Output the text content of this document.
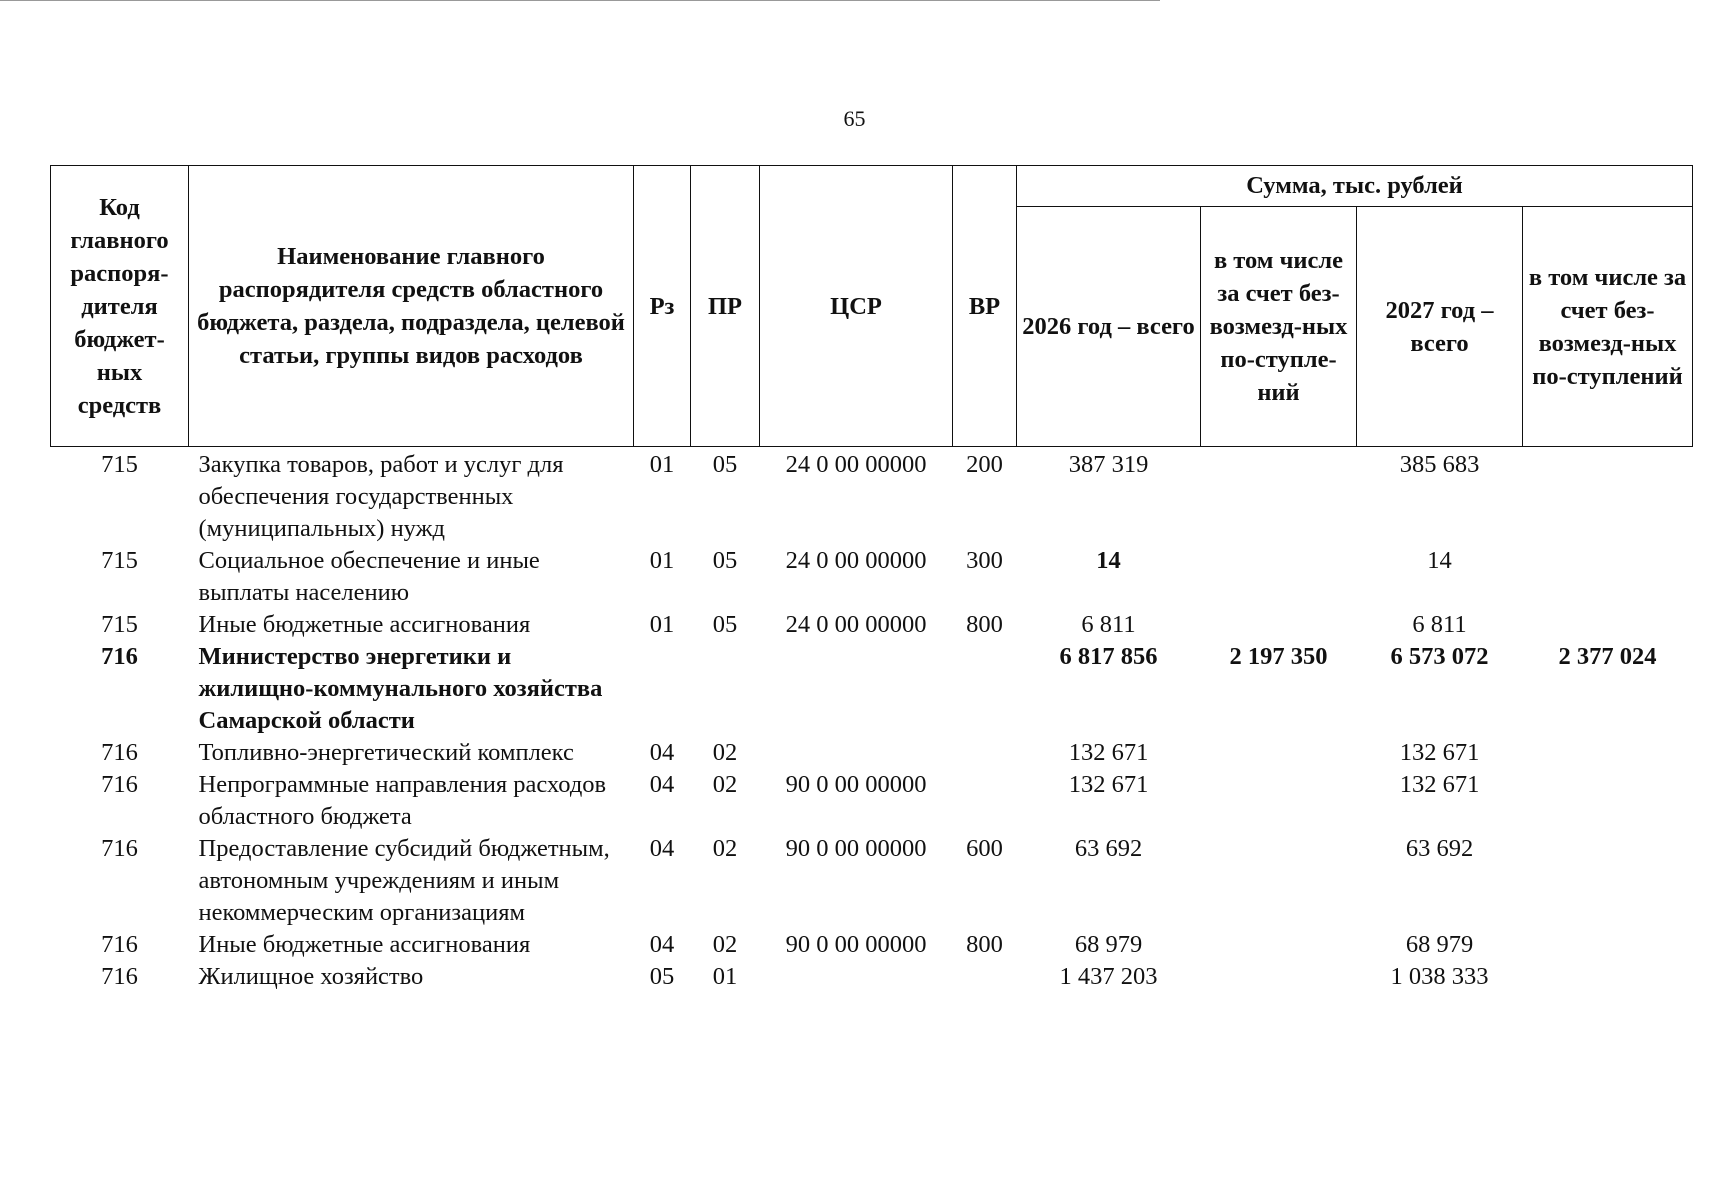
65
Код главного распоря-дителя бюджет-ных средств	Наименование главного распорядителя средств областного бюджета, раздела, подраздела, целевой статьи, группы видов расходов	Рз	ПР	ЦСР	ВР	Сумма, тыс. рублей			
						2026 год – всего	в том числе за счет без-возмезд-ных по-ступле-ний	2027 год – всего	в том числе за счет без-возмезд-ных по-ступлений
715	Закупка товаров, работ и услуг для обеспечения государственных (муниципальных) нужд	01	05	24 0 00 00000	200	387 319		385 683	
715	Социальное обеспечение и иные выплаты населению	01	05	24 0 00 00000	300	14		14	
715	Иные бюджетные ассигнования	01	05	24 0 00 00000	800	6 811		6 811	
716	Министерство энергетики и жилищно-коммунального хозяйства Самарской области					6 817 856	2 197 350	6 573 072	2 377 024
716	Топливно-энергетический комплекс	04	02			132 671		132 671	
716	Непрограммные направления расходов областного бюджета	04	02	90 0 00 00000		132 671		132 671	
716	Предоставление субсидий бюджетным, автономным учреждениям и иным некоммерческим организациям	04	02	90 0 00 00000	600	63 692		63 692	
716	Иные бюджетные ассигнования	04	02	90 0 00 00000	800	68 979		68 979	
716	Жилищное хозяйство	05	01			1 437 203		1 038 333	
